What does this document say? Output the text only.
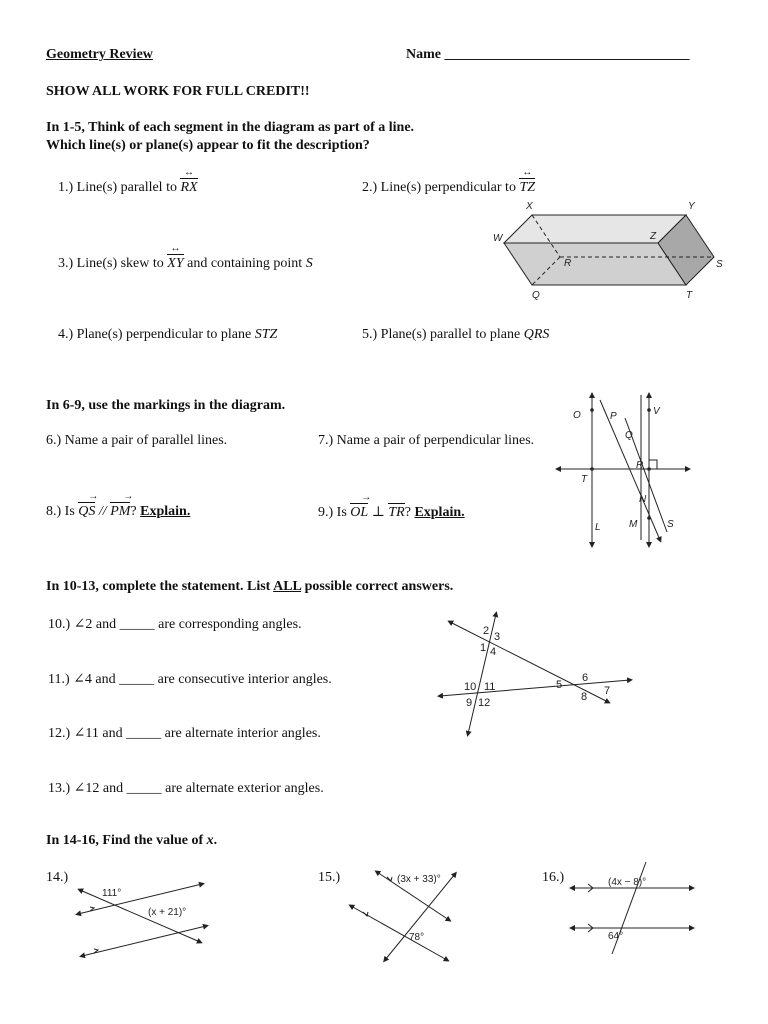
Geometry Review	Name ___________________________________
SHOW ALL WORK FOR FULL CREDIT!!
In 1-5, Think of each segment in the diagram as part of a line.
Which line(s) or plane(s) appear to fit the description?
1.) Line(s) parallel to RX ↔	2.) Line(s) perpendicular to TZ ↔
3.) Line(s) skew to XY ↔ and containing point S
4.) Plane(s) perpendicular to plane STZ	5.) Plane(s) parallel to plane QRS
X	Y
W	Z
R	S
Q	T
In 6-9, use the markings in the diagram.
6.) Name a pair of parallel lines.	7.) Name a pair of perpendicular lines.
8.) Is QS → // PM →? Explain.	9.) Is OL → ⊥ TR? Explain.
O	P	V
Q
R
T
N
M	S
L
In 10-13, complete the statement. List ALL possible correct answers.
10.) ∠2 and _____ are corresponding angles.
11.) ∠4 and _____ are consecutive interior angles.
12.) ∠11 and _____ are alternate interior angles.
13.) ∠12 and _____ are alternate exterior angles.
1
2 3
4
5
6
7
8
9
10 11
12
In 14-16, Find the value of x.
14.)	15.)	16.)
111°
(x + 21)°
(3x + 33)°
78°
(4x − 8)°
64°
